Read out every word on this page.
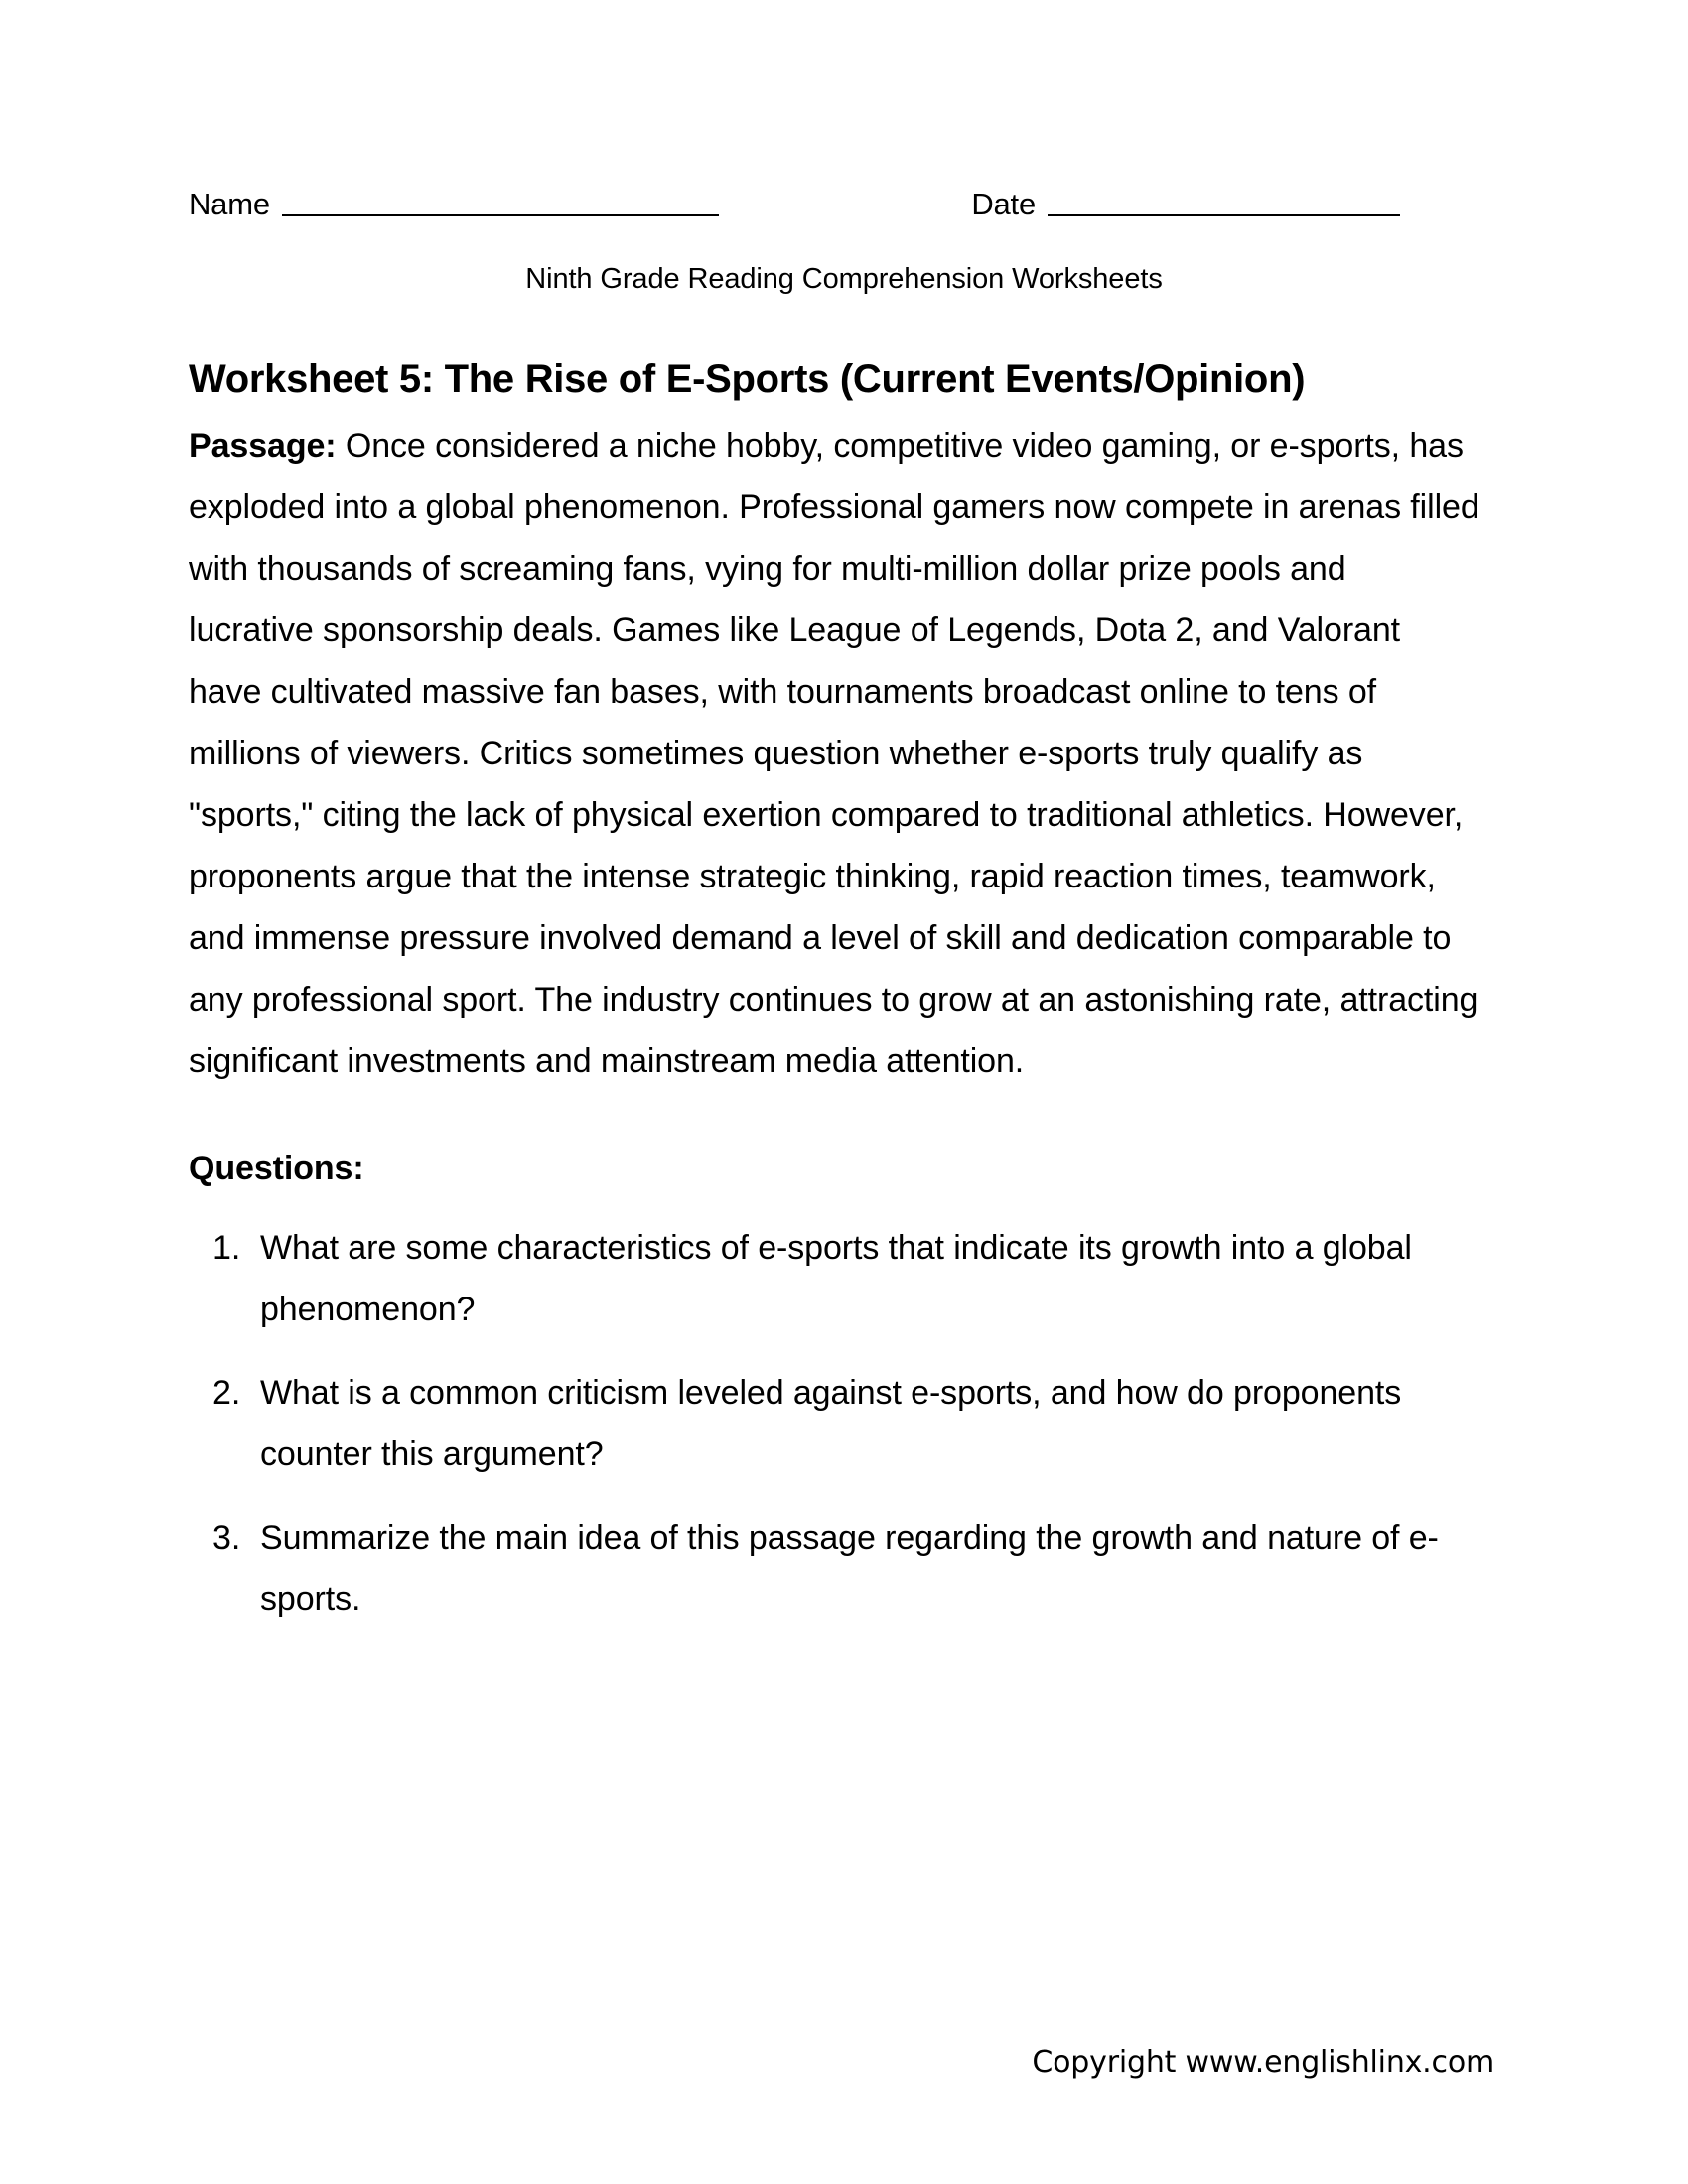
Name	Date
Ninth Grade Reading Comprehension Worksheets
Worksheet 5: The Rise of E-Sports (Current Events/Opinion)

Passage: Once considered a niche hobby, competitive video gaming, or e-sports, has exploded into a global phenomenon. Professional gamers now compete in arenas filled with thousands of screaming fans, vying for multi-million dollar prize pools and lucrative sponsorship deals. Games like League of Legends, Dota 2, and Valorant have cultivated massive fan bases, with tournaments broadcast online to tens of millions of viewers. Critics sometimes question whether e-sports truly qualify as "sports," citing the lack of physical exertion compared to traditional athletics. However, proponents argue that the intense strategic thinking, rapid reaction times, teamwork, and immense pressure involved demand a level of skill and dedication comparable to any professional sport. The industry continues to grow at an astonishing rate, attracting significant investments and mainstream media attention.

Questions:
What are some characteristics of e-sports that indicate its growth into a global phenomenon?
What is a common criticism leveled against e-sports, and how do proponents counter this argument?
Summarize the main idea of this passage regarding the growth and nature of e-sports.
Copyright www.englishlinx.com
